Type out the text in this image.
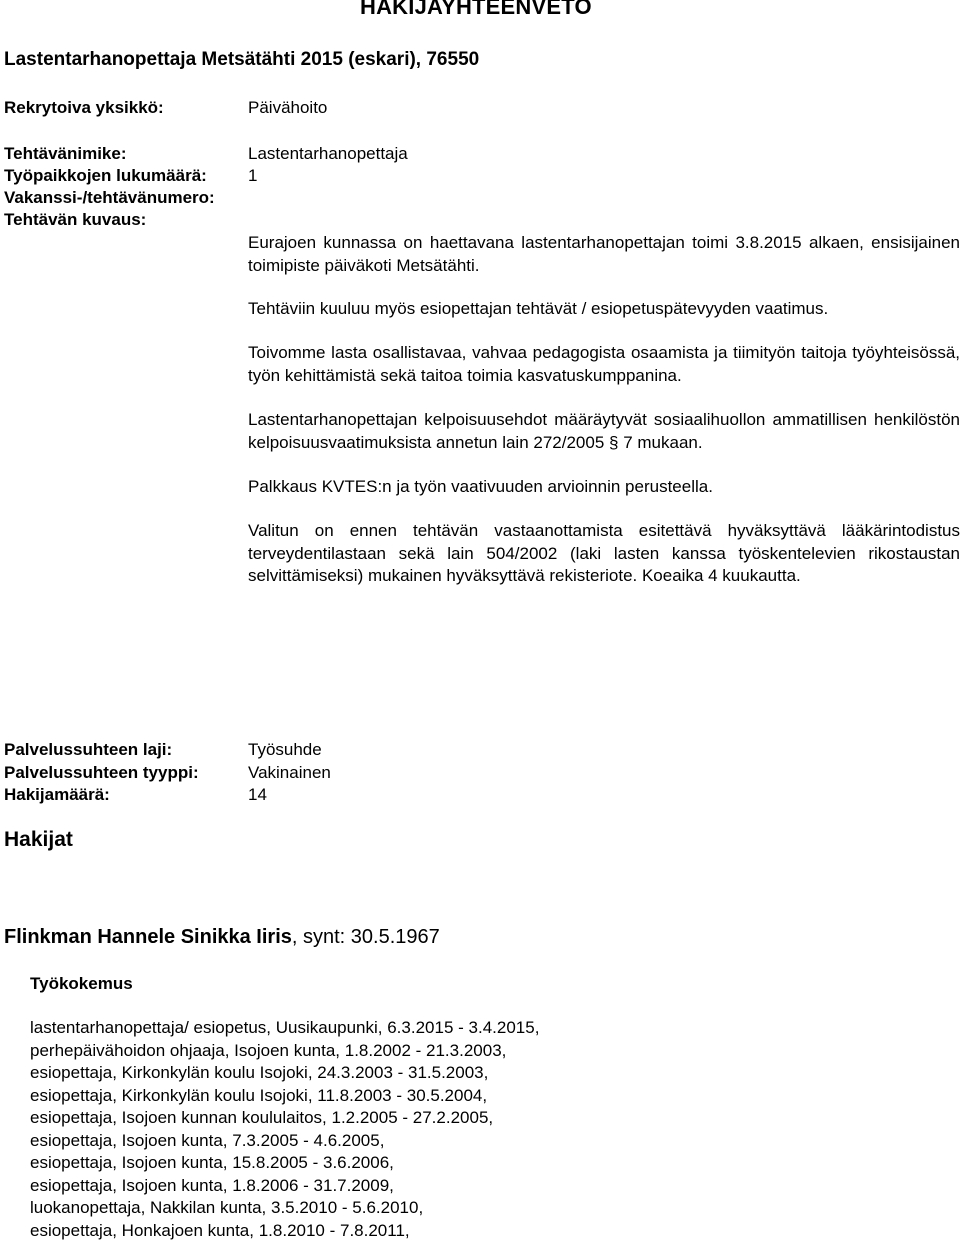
HAKIJAYHTEENVETO
Lastentarhanopettaja Metsätähti 2015 (eskari), 76550
Rekrytoiva yksikkö:	Päivähoito
Tehtävänimike:	Lastentarhanopettaja
Työpaikkojen lukumäärä: 1
Vakanssi-/tehtävänumero:
Tehtävän kuvaus:
Eurajoen kunnassa on haettavana lastentarhanopettajan toimi 3.8.2015 alkaen, ensisijainen toimipiste päiväkoti Metsätähti.
Tehtäviin kuuluu myös esiopettajan tehtävät / esiopetuspätevyyden vaatimus.
Toivomme lasta osallistavaa, vahvaa pedagogista osaamista ja tiimityön taitoja työyhteisössä, työn kehittämistä sekä taitoa toimia kasvatuskumppanina.
Lastentarhanopettajan kelpoisuusehdot määräytyvät sosiaalihuollon ammatillisen henkilöstön kelpoisuusvaatimuksista annetun lain 272/2005 § 7 mukaan.
Palkkaus KVTES:n ja työn vaativuuden arvioinnin perusteella.
Valitun on ennen tehtävän vastaanottamista esitettävä hyväksyttävä lääkärintodistus terveydentilastaan sekä lain 504/2002 (laki lasten kanssa työskentelevien rikostaustan selvittämiseksi) mukainen hyväksyttävä rekisteriote. Koeaika 4 kuukautta.
Palvelussuhteen laji:	Työsuhde
Palvelussuhteen tyyppi:	Vakinainen
Hakijamäärä:	14
Hakijat
Flinkman Hannele Sinikka Iiris, synt: 30.5.1967
Työkokemus
lastentarhanopettaja/ esiopetus, Uusikaupunki, 6.3.2015 - 3.4.2015,
perhepäivähoidon ohjaaja, Isojoen kunta, 1.8.2002 - 21.3.2003,
esiopettaja, Kirkonkylän koulu Isojoki, 24.3.2003 - 31.5.2003,
esiopettaja, Kirkonkylän koulu Isojoki, 11.8.2003 - 30.5.2004,
esiopettaja, Isojoen kunnan koululaitos, 1.2.2005 - 27.2.2005,
esiopettaja, Isojoen kunta, 7.3.2005 - 4.6.2005,
esiopettaja, Isojoen kunta, 15.8.2005 - 3.6.2006,
esiopettaja, Isojoen kunta, 1.8.2006 - 31.7.2009,
luokanopettaja, Nakkilan kunta, 3.5.2010 - 5.6.2010,
esiopettaja, Honkajoen kunta, 1.8.2010 - 7.8.2011,
